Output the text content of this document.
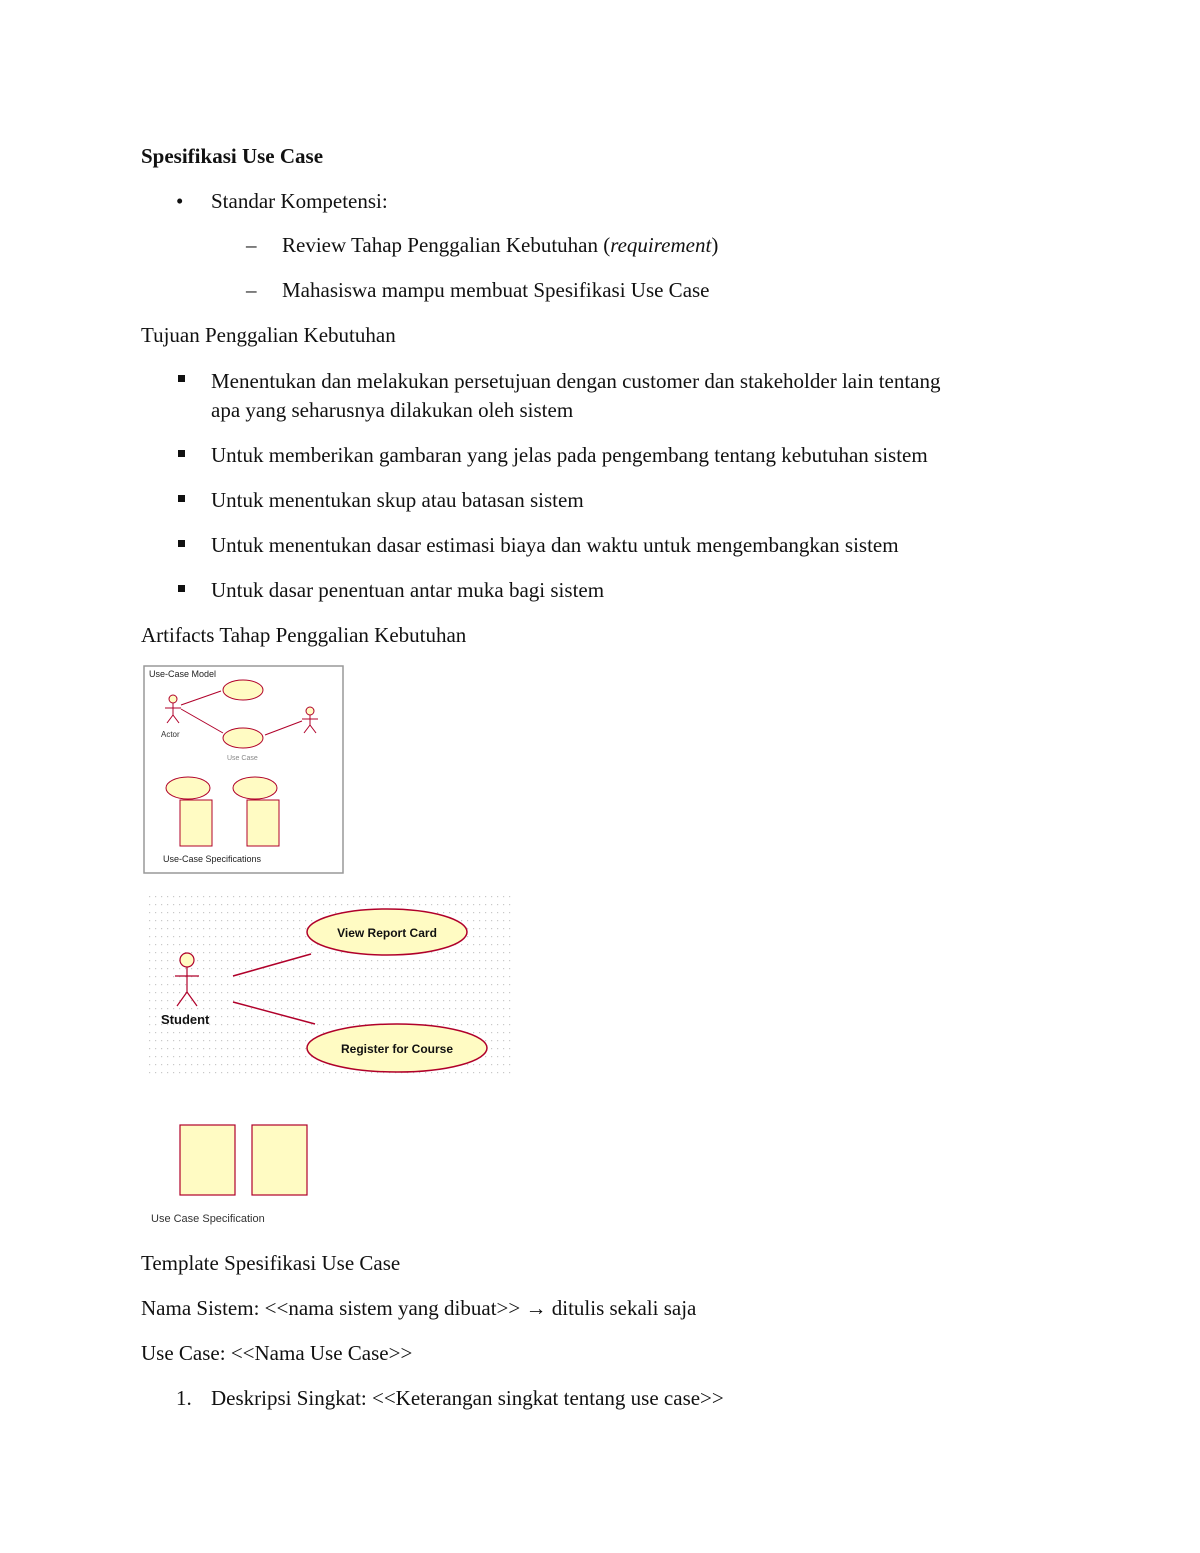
Spesifikasi Use Case
• Standar Kompetensi:
– Review Tahap Penggalian Kebutuhan (requirement)
– Mahasiswa mampu membuat Spesifikasi Use Case
Tujuan Penggalian Kebutuhan
Menentukan dan melakukan persetujuan dengan customer dan stakeholder lain tentang
apa yang seharusnya dilakukan oleh sistem
Untuk memberikan gambaran yang jelas pada pengembang tentang kebutuhan sistem
Untuk menentukan skup atau batasan sistem
Untuk menentukan dasar estimasi biaya dan waktu untuk mengembangkan sistem
Untuk dasar penentuan antar muka bagi sistem
Artifacts Tahap Penggalian Kebutuhan
Use-Case Model
Actor
Use Case
Use-Case Specifications
Student
View Report Card
Register for Course
Use Case Specification
Template Spesifikasi Use Case
Nama Sistem: <<nama sistem yang dibuat>> → ditulis sekali saja
Use Case: <<Nama Use Case>>
1. Deskripsi Singkat: <<Keterangan singkat tentang use case>>
